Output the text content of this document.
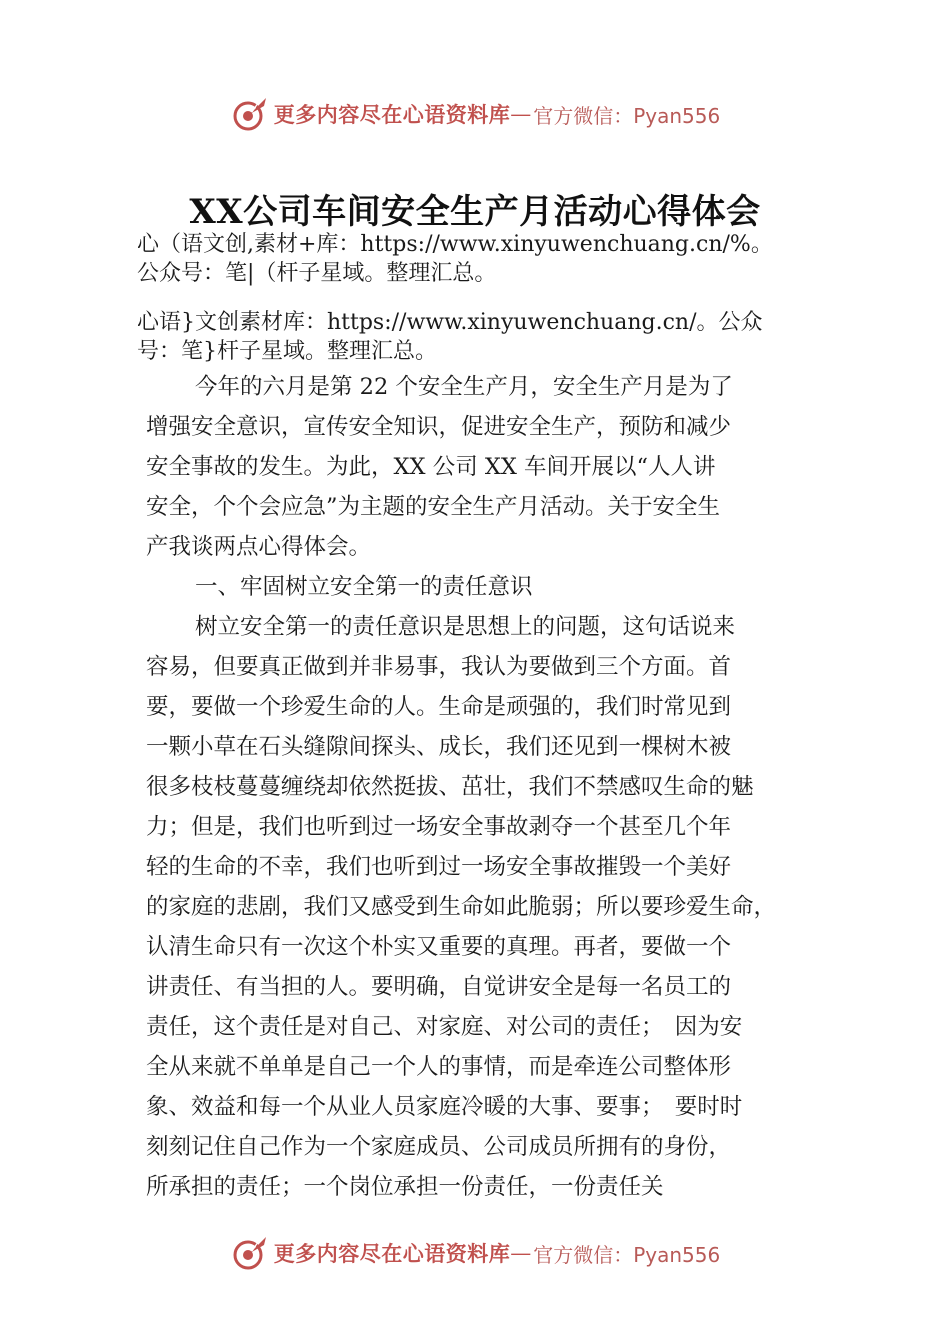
更多内容尽在心语资料库 — 官方微信：Pyan556
XX公司车间安全生产月活动心得体会
心（语文创,素材+库：https://www.xinyuwenchuang.cn/%。
公众号：笔|（杆子星域。整理汇总。
心语}文创素材库：https://www.xinyuwenchuang.cn/。公众
号：笔}杆子星域。整理汇总。
今年的六月是第 22 个安全生产月，安全生产月是为了
增强安全意识，宣传安全知识，促进安全生产，预防和减少
安全事故的发生。为此，XX 公司 XX 车间开展以“人人讲
安全，个个会应急”为主题的安全生产月活动。关于安全生
产我谈两点心得体会。
一、牢固树立安全第一的责任意识
树立安全第一的责任意识是思想上的问题，这句话说来
容易，但要真正做到并非易事，我认为要做到三个方面。首
要，要做一个珍爱生命的人。生命是顽强的，我们时常见到
一颗小草在石头缝隙间探头、成长，我们还见到一棵树木被
很多枝枝蔓蔓缠绕却依然挺拔、茁壮，我们不禁感叹生命的魅
力；但是，我们也听到过一场安全事故剥夺一个甚至几个年
轻的生命的不幸，我们也听到过一场安全事故摧毁一个美好
的家庭的悲剧，我们又感受到生命如此脆弱；所以要珍爱生命，
认清生命只有一次这个朴实又重要的真理。再者，要做一个
讲责任、有当担的人。要明确，自觉讲安全是每一名员工的
责任，这个责任是对自己、对家庭、对公司的责任；　因为安
全从来就不单单是自己一个人的事情，而是牵连公司整体形
象、效益和每一个从业人员家庭冷暖的大事、要事；　要时时
刻刻记住自己作为一个家庭成员、公司成员所拥有的身份，
所承担的责任；一个岗位承担一份责任，一份责任关
更多内容尽在心语资料库 — 官方微信：Pyan556
